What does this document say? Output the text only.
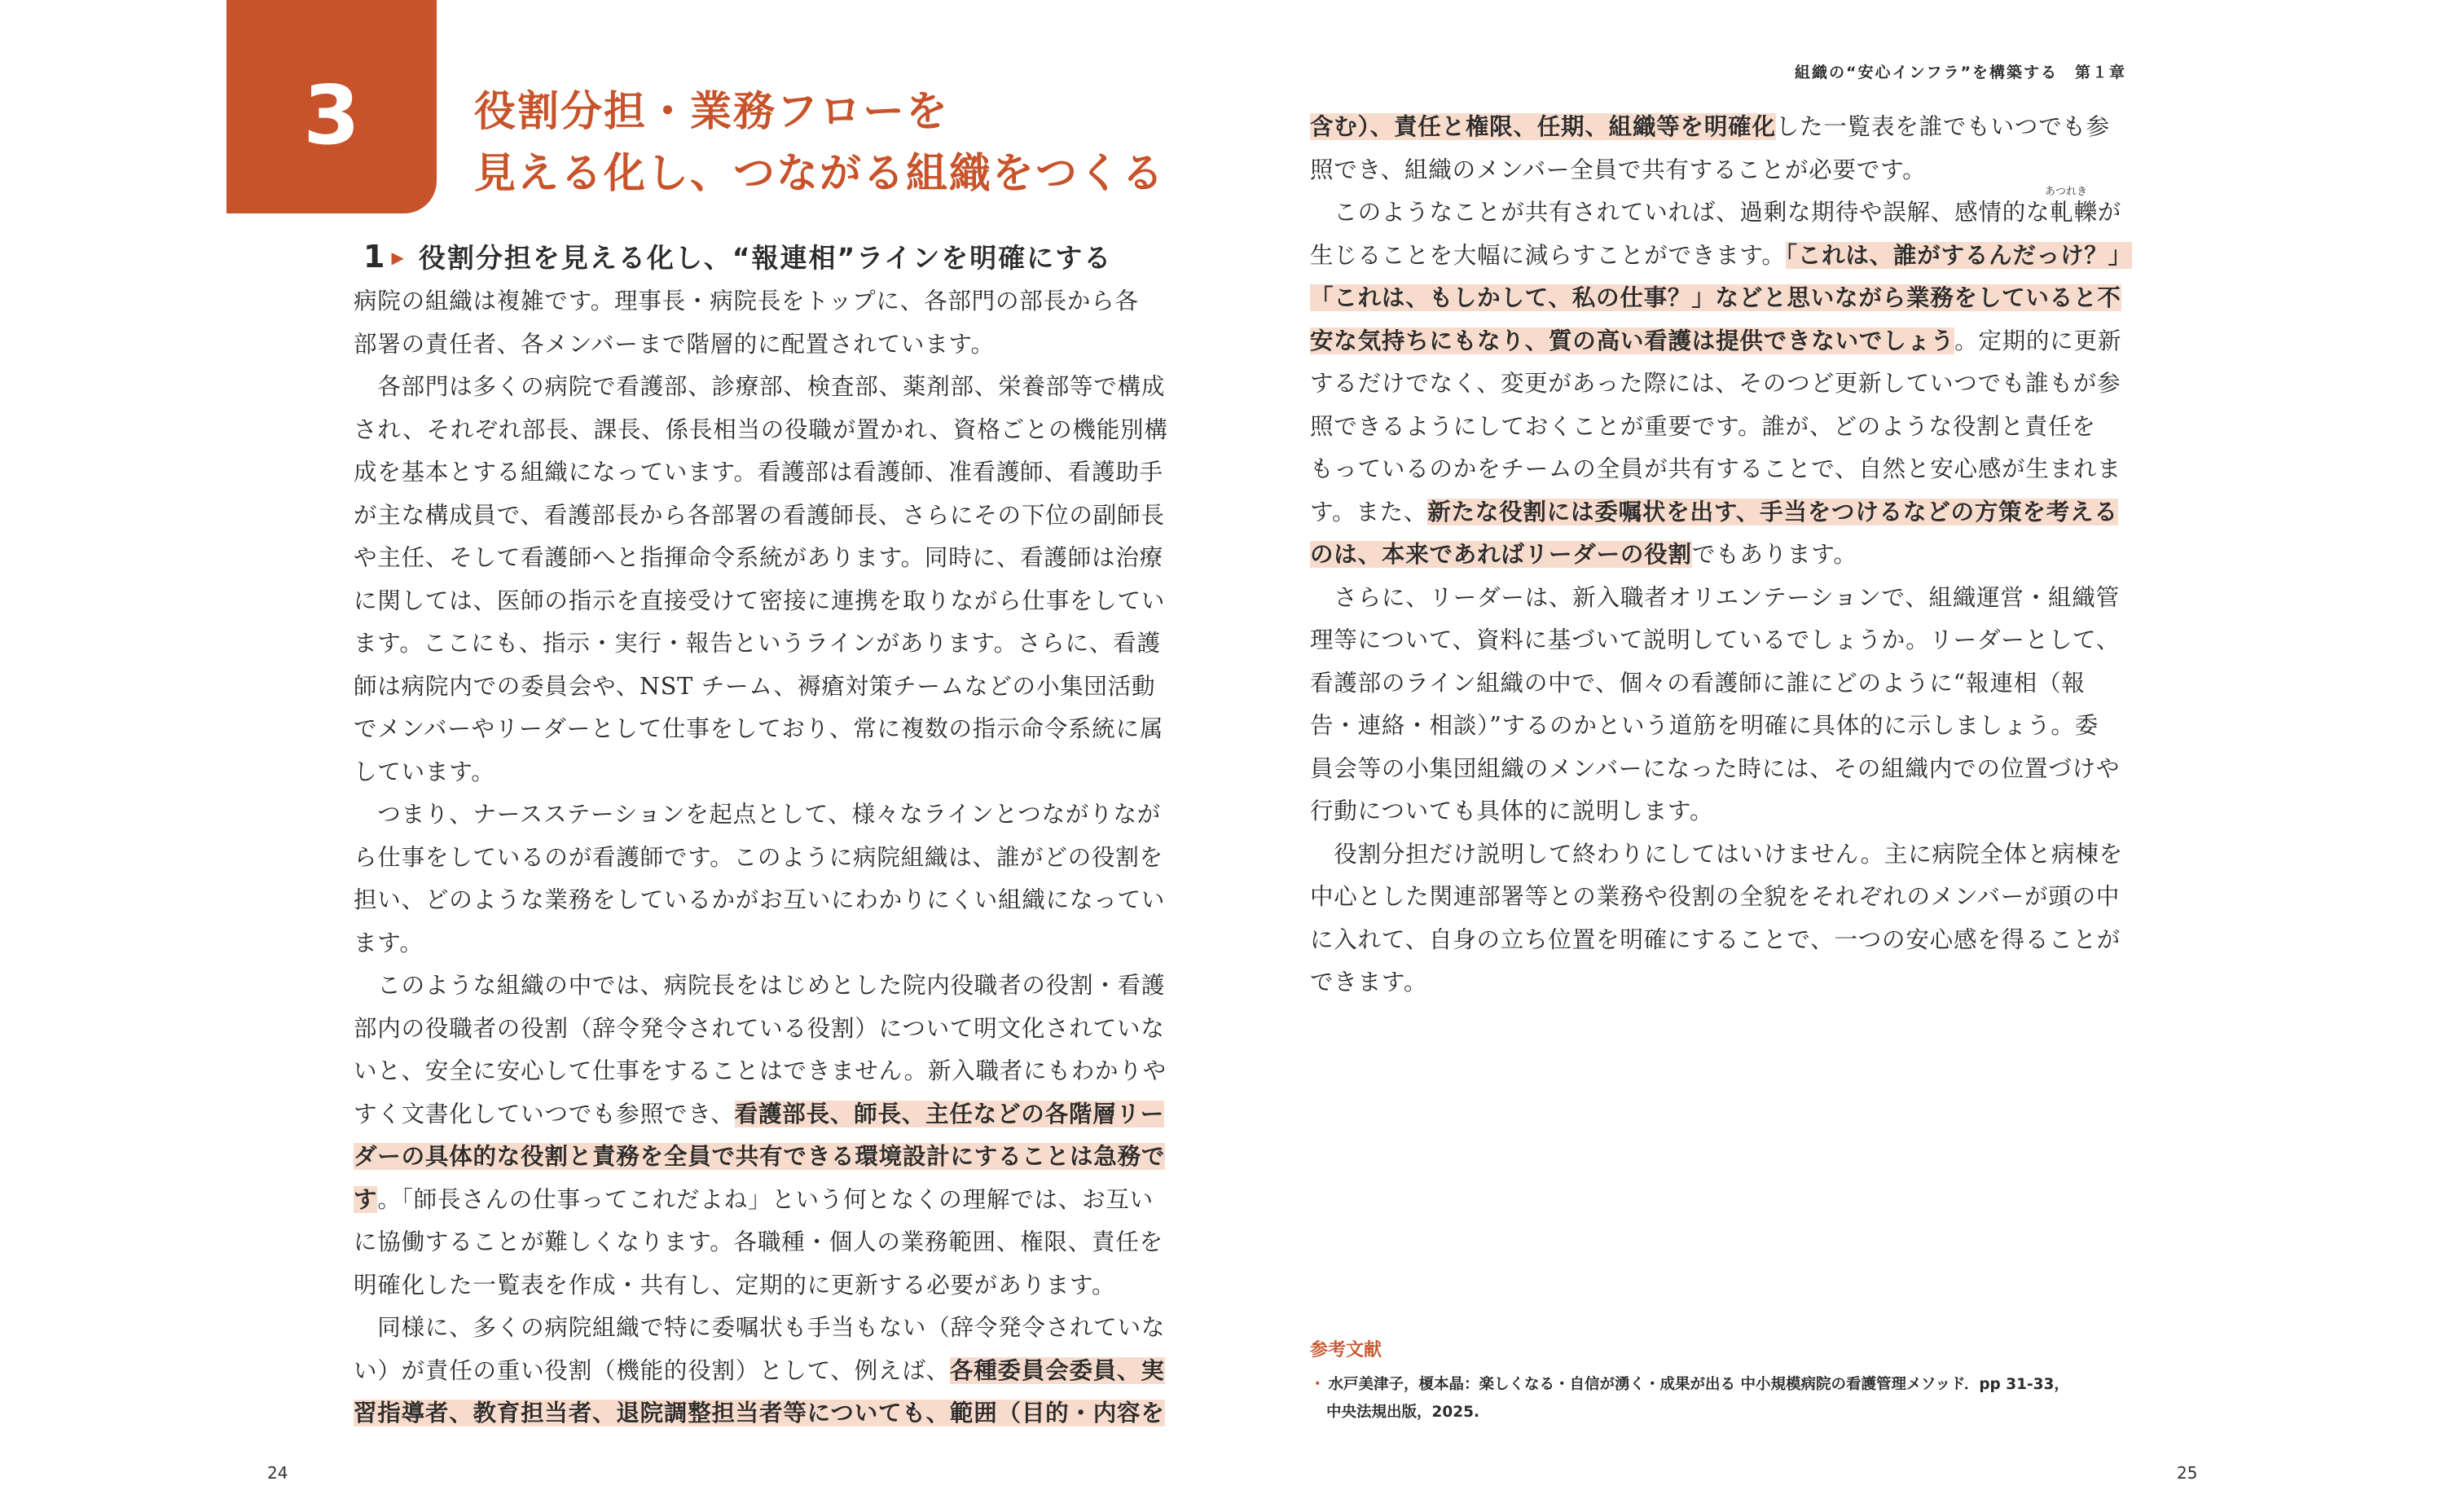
3	役割分担・業務フローを
見える化し、つながる組織をつくる
1 ▶ 役割分担を見える化し、“報連相”ラインを明確にする
病院の組織は複雑です。理事長・病院長をトップに、各部門の部長から各
部署の責任者、各メンバーまで階層的に配置されています。
　各部門は多くの病院で看護部、診療部、検査部、薬剤部、栄養部等で構成
され、それぞれ部長、課長、係長相当の役職が置かれ、資格ごとの機能別構
成を基本とする組織になっています。看護部は看護師、准看護師、看護助手
が主な構成員で、看護部長から各部署の看護師長、さらにその下位の副師長
や主任、そして看護師へと指揮命令系統があります。同時に、看護師は治療
に関しては、医師の指示を直接受けて密接に連携を取りながら仕事をしてい
ます。ここにも、指示・実行・報告というラインがあります。さらに、看護
師は病院内での委員会や、NST チーム、褥瘡対策チームなどの小集団活動
でメンバーやリーダーとして仕事をしており、常に複数の指示命令系統に属
しています。
　つまり、ナースステーションを起点として、様々なラインとつながりなが
ら仕事をしているのが看護師です。このように病院組織は、誰がどの役割を
担い、どのような業務をしているかがお互いにわかりにくい組織になってい
ます。
　このような組織の中では、病院長をはじめとした院内役職者の役割・看護
部内の役職者の役割（辞令発令されている役割）について明文化されていな
いと、安全に安心して仕事をすることはできません。新入職者にもわかりや
すく文書化していつでも参照でき、看護部長、師長、主任などの各階層リー
ダーの具体的な役割と責務を全員で共有できる環境設計にすることは急務で
す。「師長さんの仕事ってこれだよね」という何となくの理解では、お互い
に協働することが難しくなります。各職種・個人の業務範囲、権限、責任を
明確化した一覧表を作成・共有し、定期的に更新する必要があります。
　同様に、多くの病院組織で特に委嘱状も手当もない（辞令発令されていな
い）が責任の重い役割（機能的役割）として、例えば、各種委員会委員、実
習指導者、教育担当者、退院調整担当者等についても、範囲（目的・内容を
24
組織の“安心インフラ”を構築する　第１章
あつれき
含む）、責任と権限、任期、組織等を明確化した一覧表を誰でもいつでも参
照でき、組織のメンバー全員で共有することが必要です。
　このようなことが共有されていれば、過剰な期待や誤解、感情的な軋轢が
生じることを大幅に減らすことができます。「これは、誰がするんだっけ？」
「これは、もしかして、私の仕事？」などと思いながら業務をしていると不
安な気持ちにもなり、質の高い看護は提供できないでしょう。定期的に更新
するだけでなく、変更があった際には、そのつど更新していつでも誰もが参
照できるようにしておくことが重要です。誰が、どのような役割と責任を
もっているのかをチームの全員が共有することで、自然と安心感が生まれま
す。また、新たな役割には委嘱状を出す、手当をつけるなどの方策を考える
のは、本来であればリーダーの役割でもあります。
　さらに、リーダーは、新入職者オリエンテーションで、組織運営・組織管
理等について、資料に基づいて説明しているでしょうか。リーダーとして、
看護部のライン組織の中で、個々の看護師に誰にどのように“報連相（報
告・連絡・相談）”するのかという道筋を明確に具体的に示しましょう。委
員会等の小集団組織のメンバーになった時には、その組織内での位置づけや
行動についても具体的に説明します。
　役割分担だけ説明して終わりにしてはいけません。主に病院全体と病棟を
中心とした関連部署等との業務や役割の全貌をそれぞれのメンバーが頭の中
に入れて、自身の立ち位置を明確にすることで、一つの安心感を得ることが
できます。
参考文献
・ 水戸美津子，榎本晶：楽しくなる・自信が湧く・成果が出る 中小規模病院の看護管理メソッド．pp 31-33，
中央法規出版，2025.
25
